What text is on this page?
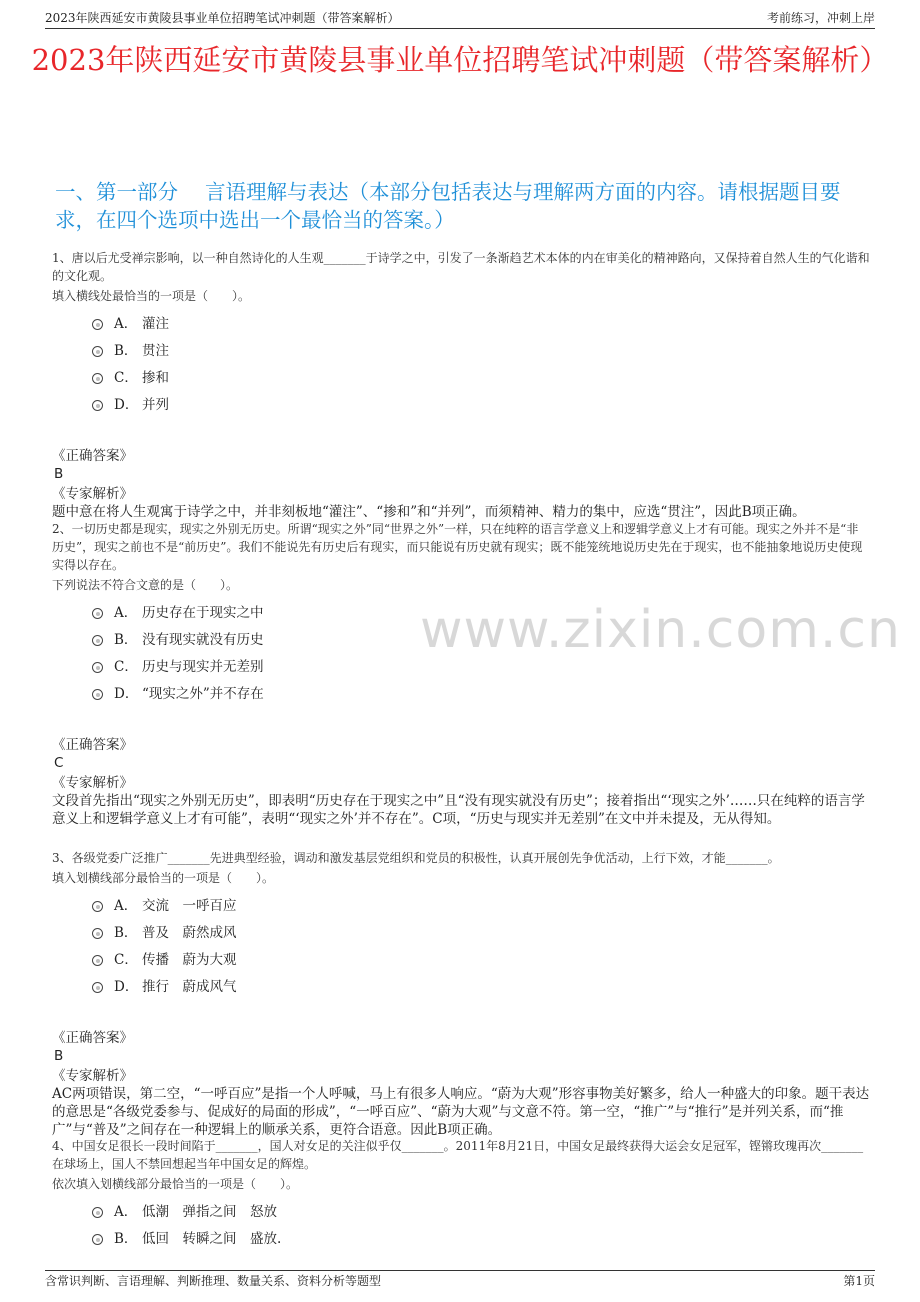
2023年陕西延安市黄陵县事业单位招聘笔试冲刺题（带答案解析）	考前练习，冲刺上岸
2023年陕西延安市黄陵县事业单位招聘笔试冲刺题（带答案解析）
一、第一部分　 言语理解与表达（本部分包括表达与理解两方面的内容。请根据题目要求，在四个选项中选出一个最恰当的答案。）
www.zixin.com.cn
1、唐以后尤受禅宗影响，以一种自然诗化的人生观_______于诗学之中，引发了一条渐趋艺术本体的内在审美化的精神路向，又保持着自然人生的气化谐和的文化观。
填入横线处最恰当的一项是（　　）。
A． 灌注
B． 贯注
C． 掺和
D． 并列
《正确答案》
B
《专家解析》
题中意在将人生观寓于诗学之中，并非刻板地“灌注”、“掺和”和“并列”，而须精神、精力的集中，应选“贯注”，因此B项正确。
2、一切历史都是现实，现实之外别无历史。所谓“现实之外”同“世界之外”一样，只在纯粹的语言学意义上和逻辑学意义上才有可能。现实之外并不是“非历史”，现实之前也不是“前历史”。我们不能说先有历史后有现实，而只能说有历史就有现实；既不能笼统地说历史先在于现实，也不能抽象地说历史使现实得以存在。
下列说法不符合文意的是（　　）。
A． 历史存在于现实之中
B． 没有现实就没有历史
C． 历史与现实并无差别
D． “现实之外”并不存在
《正确答案》
C
《专家解析》
文段首先指出“现实之外别无历史”，即表明“历史存在于现实之中”且“没有现实就没有历史”；接着指出“‘现实之外’……只在纯粹的语言学意义上和逻辑学意义上才有可能”，表明“‘现实之外’并不存在”。C项，“历史与现实并无差别”在文中并未提及，无从得知。
3、各级党委广泛推广_______先进典型经验，调动和激发基层党组织和党员的积极性，认真开展创先争优活动，上行下效，才能_______。
填入划横线部分最恰当的一项是（　　）。
A． 交流　一呼百应
B． 普及　蔚然成风
C． 传播　蔚为大观
D． 推行　蔚成风气
《正确答案》
B
《专家解析》
AC两项错误，第二空，“一呼百应”是指一个人呼喊，马上有很多人响应。“蔚为大观”形容事物美好繁多，给人一种盛大的印象。题干表达的意思是“各级党委参与、促成好的局面的形成”，“一呼百应”、“蔚为大观”与文意不符。第一空，“推广”与“推行”是并列关系，而“推广”与“普及”之间存在一种逻辑上的顺承关系，更符合语意。因此B项正确。
4、中国女足很长一段时间陷于_______，国人对女足的关注似乎仅_______。2011年8月21日，中国女足最终获得大运会女足冠军，铿锵玫瑰再次_______在球场上，国人不禁回想起当年中国女足的辉煌。
依次填入划横线部分最恰当的一项是（　　）。
A． 低潮　弹指之间　怒放
B． 低回　转瞬之间　盛放.
含常识判断、言语理解、判断推理、数量关系、资料分析等题型	第1页
